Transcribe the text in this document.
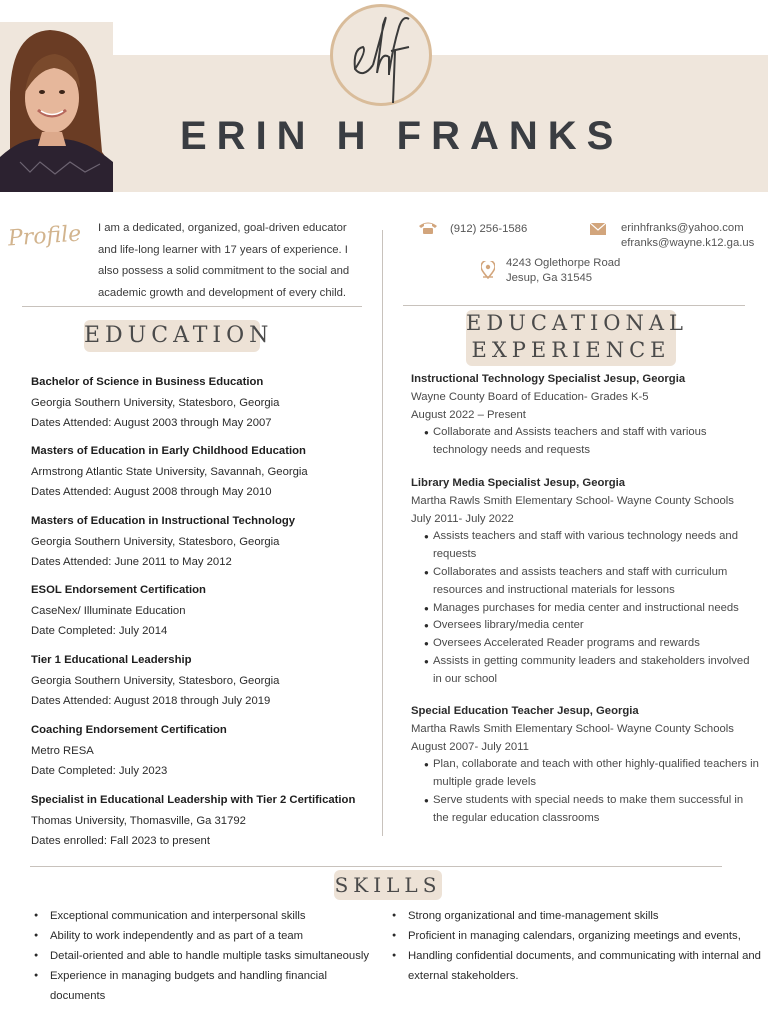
ERIN H FRANKS
Profile I am a dedicated, organized, goal-driven educator and life-long learner with 17 years of experience. I also possess a solid commitment to the social and academic growth and development of every child.
(912) 256-1586	erinhfranks@yahoo.com
efranks@wayne.k12.ga.us
4243 Oglethorpe Road
Jesup, Ga 31545
EDUCATION
Bachelor of Science in Business Education
Georgia Southern University, Statesboro, Georgia
Dates Attended: August 2003 through May 2007
Masters of Education in Early Childhood Education
Armstrong Atlantic State University, Savannah, Georgia
Dates Attended: August 2008 through May 2010
Masters of Education in Instructional Technology
Georgia Southern University, Statesboro, Georgia
Dates Attended: June 2011 to May 2012
ESOL Endorsement Certification
CaseNex/ Illuminate Education
Date Completed: July 2014
Tier 1 Educational Leadership
Georgia Southern University, Statesboro, Georgia
Dates Attended: August 2018 through July 2019
Coaching Endorsement Certification
Metro RESA
Date Completed: July 2023
Specialist in Educational Leadership with Tier 2 Certification
Thomas University, Thomasville, Ga 31792
Dates enrolled: Fall 2023 to present
EDUCATIONAL
EXPERIENCE
Instructional Technology Specialist Jesup, Georgia
Wayne County Board of Education- Grades K-5
August 2022 – Present
● Collaborate and Assists teachers and staff with various technology needs and requests
Library Media Specialist Jesup, Georgia
Martha Rawls Smith Elementary School- Wayne County Schools
July 2011- July 2022
● Assists teachers and staff with various technology needs and requests
● Collaborates and assists teachers and staff with curriculum resources and instructional materials for lessons
● Manages purchases for media center and instructional needs
● Oversees library/media center
● Oversees Accelerated Reader programs and rewards
● Assists in getting community leaders and stakeholders involved in our school
Special Education Teacher Jesup, Georgia
Martha Rawls Smith Elementary School- Wayne County Schools
August 2007- July 2011
● Plan, collaborate and teach with other highly-qualified teachers in multiple grade levels
● Serve students with special needs to make them successful in the regular education classrooms
SKILLS
● Exceptional communication and interpersonal skills
● Ability to work independently and as part of a team
● Detail-oriented and able to handle multiple tasks simultaneously
● Experience in managing budgets and handling financial documents
● Strong organizational and time-management skills
● Proficient in managing calendars, organizing meetings and events,
● Handling confidential documents, and communicating with internal and external stakeholders.
